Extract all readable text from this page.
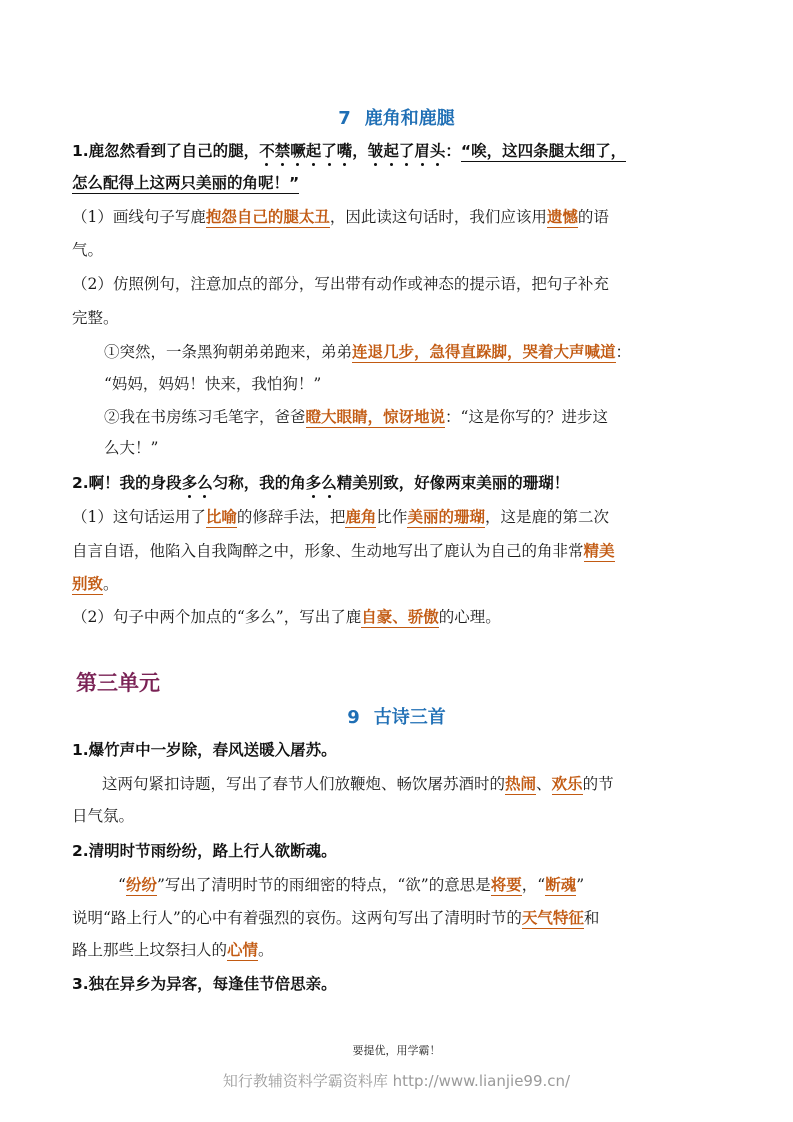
7 鹿角和鹿腿
1.鹿忽然看到了自己的腿，不禁噘起了嘴，皱起了眉头：“唉，这四条腿太细了，
怎么配得上这两只美丽的角呢！”
（1）画线句子写鹿抱怨自己的腿太丑，因此读这句话时，我们应该用遗憾的语
气。
（2）仿照例句，注意加点的部分，写出带有动作或神态的提示语，把句子补充
完整。
①突然，一条黑狗朝弟弟跑来，弟弟连退几步，急得直跺脚，哭着大声喊道：
“妈妈，妈妈！快来，我怕狗！”
②我在书房练习毛笔字，爸爸瞪大眼睛，惊讶地说：“这是你写的？进步这
么大！”
2.啊！我的身段多么匀称，我的角多么精美别致，好像两束美丽的珊瑚！
（1）这句话运用了比喻的修辞手法，把鹿角比作美丽的珊瑚，这是鹿的第二次
自言自语，他陷入自我陶醉之中，形象、生动地写出了鹿认为自己的角非常精美
别致。
（2）句子中两个加点的“多么”，写出了鹿自豪、骄傲的心理。
第三单元
9 古诗三首
1.爆竹声中一岁除，春风送暖入屠苏。
这两句紧扣诗题，写出了春节人们放鞭炮、畅饮屠苏酒时的热闹、欢乐的节
日气氛。
2.清明时节雨纷纷，路上行人欲断魂。
“纷纷”写出了清明时节的雨细密的特点，“欲”的意思是将要，“断魂”
说明“路上行人”的心中有着强烈的哀伤。这两句写出了清明时节的天气特征和
路上那些上坟祭扫人的心情。
3.独在异乡为异客，每逢佳节倍思亲。
要提优，用学霸！
知行教辅资料学霸资料库 http://www.lianjie99.cn/
